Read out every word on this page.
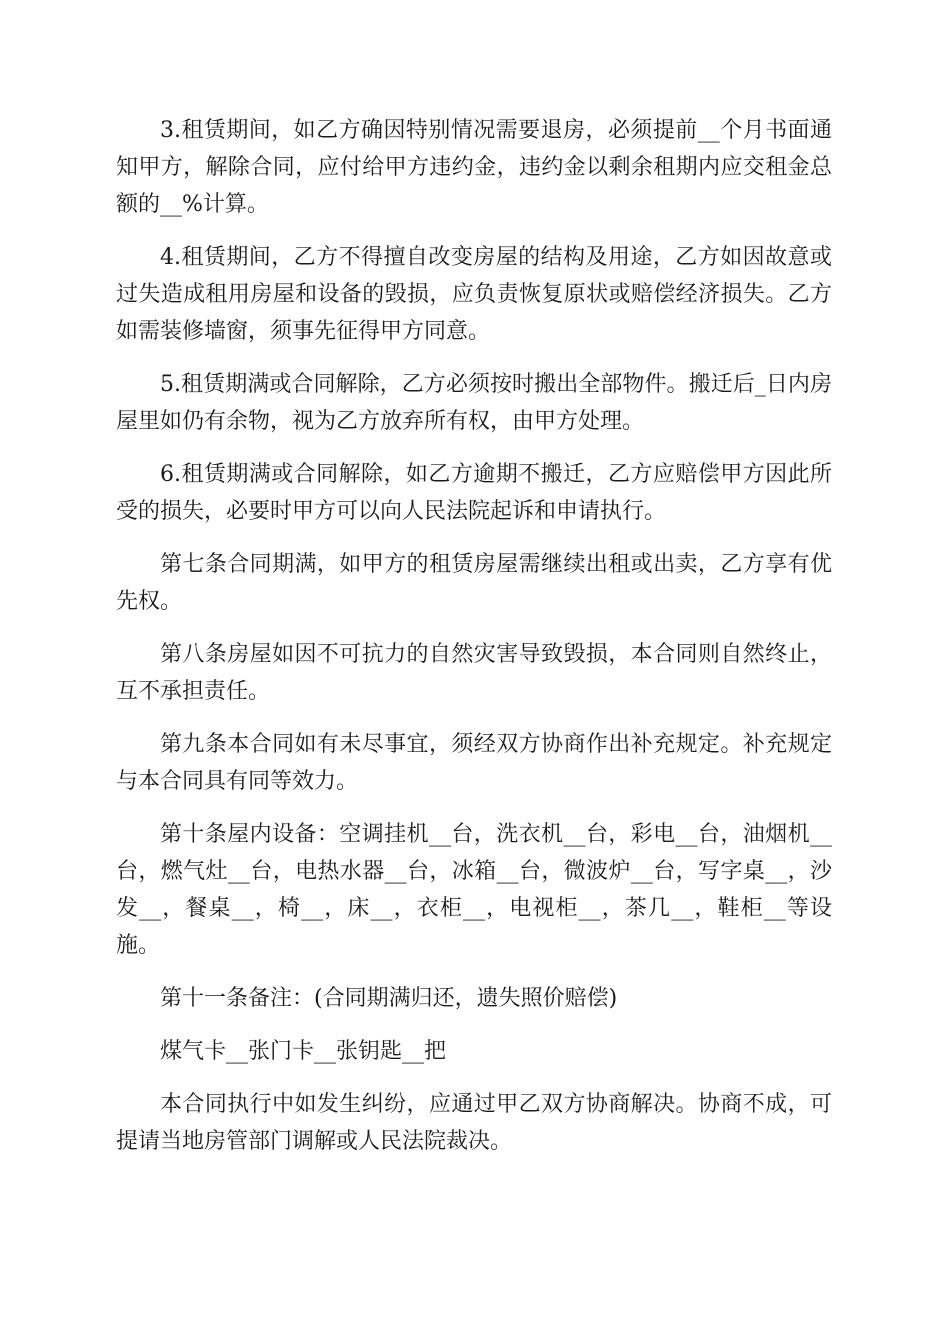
3.租赁期间，如乙方确因特别情况需要退房，必须提前__个月书面通知甲方，解除合同，应付给甲方违约金，违约金以剩余租期内应交租金总额的__%计算。

4.租赁期间，乙方不得擅自改变房屋的结构及用途，乙方如因故意或过失造成租用房屋和设备的毁损，应负责恢复原状或赔偿经济损失。乙方如需装修墙窗，须事先征得甲方同意。

5.租赁期满或合同解除，乙方必须按时搬出全部物件。搬迁后_日内房屋里如仍有余物，视为乙方放弃所有权，由甲方处理。

6.租赁期满或合同解除，如乙方逾期不搬迁，乙方应赔偿甲方因此所受的损失，必要时甲方可以向人民法院起诉和申请执行。

第七条合同期满，如甲方的租赁房屋需继续出租或出卖，乙方享有优先权。

第八条房屋如因不可抗力的自然灾害导致毁损，本合同则自然终止，互不承担责任。

第九条本合同如有未尽事宜，须经双方协商作出补充规定。补充规定与本合同具有同等效力。

第十条屋内设备：空调挂机__台，洗衣机__台，彩电__台，油烟机__台，燃气灶__台，电热水器__台，冰箱__台，微波炉__台，写字桌__，沙发__，餐桌__，椅__，床__，衣柜__，电视柜__，茶几__，鞋柜__等设施。

第十一条备注：(合同期满归还，遗失照价赔偿)

煤气卡__张门卡__张钥匙__把

本合同执行中如发生纠纷，应通过甲乙双方协商解决。协商不成，可提请当地房管部门调解或人民法院裁决。
